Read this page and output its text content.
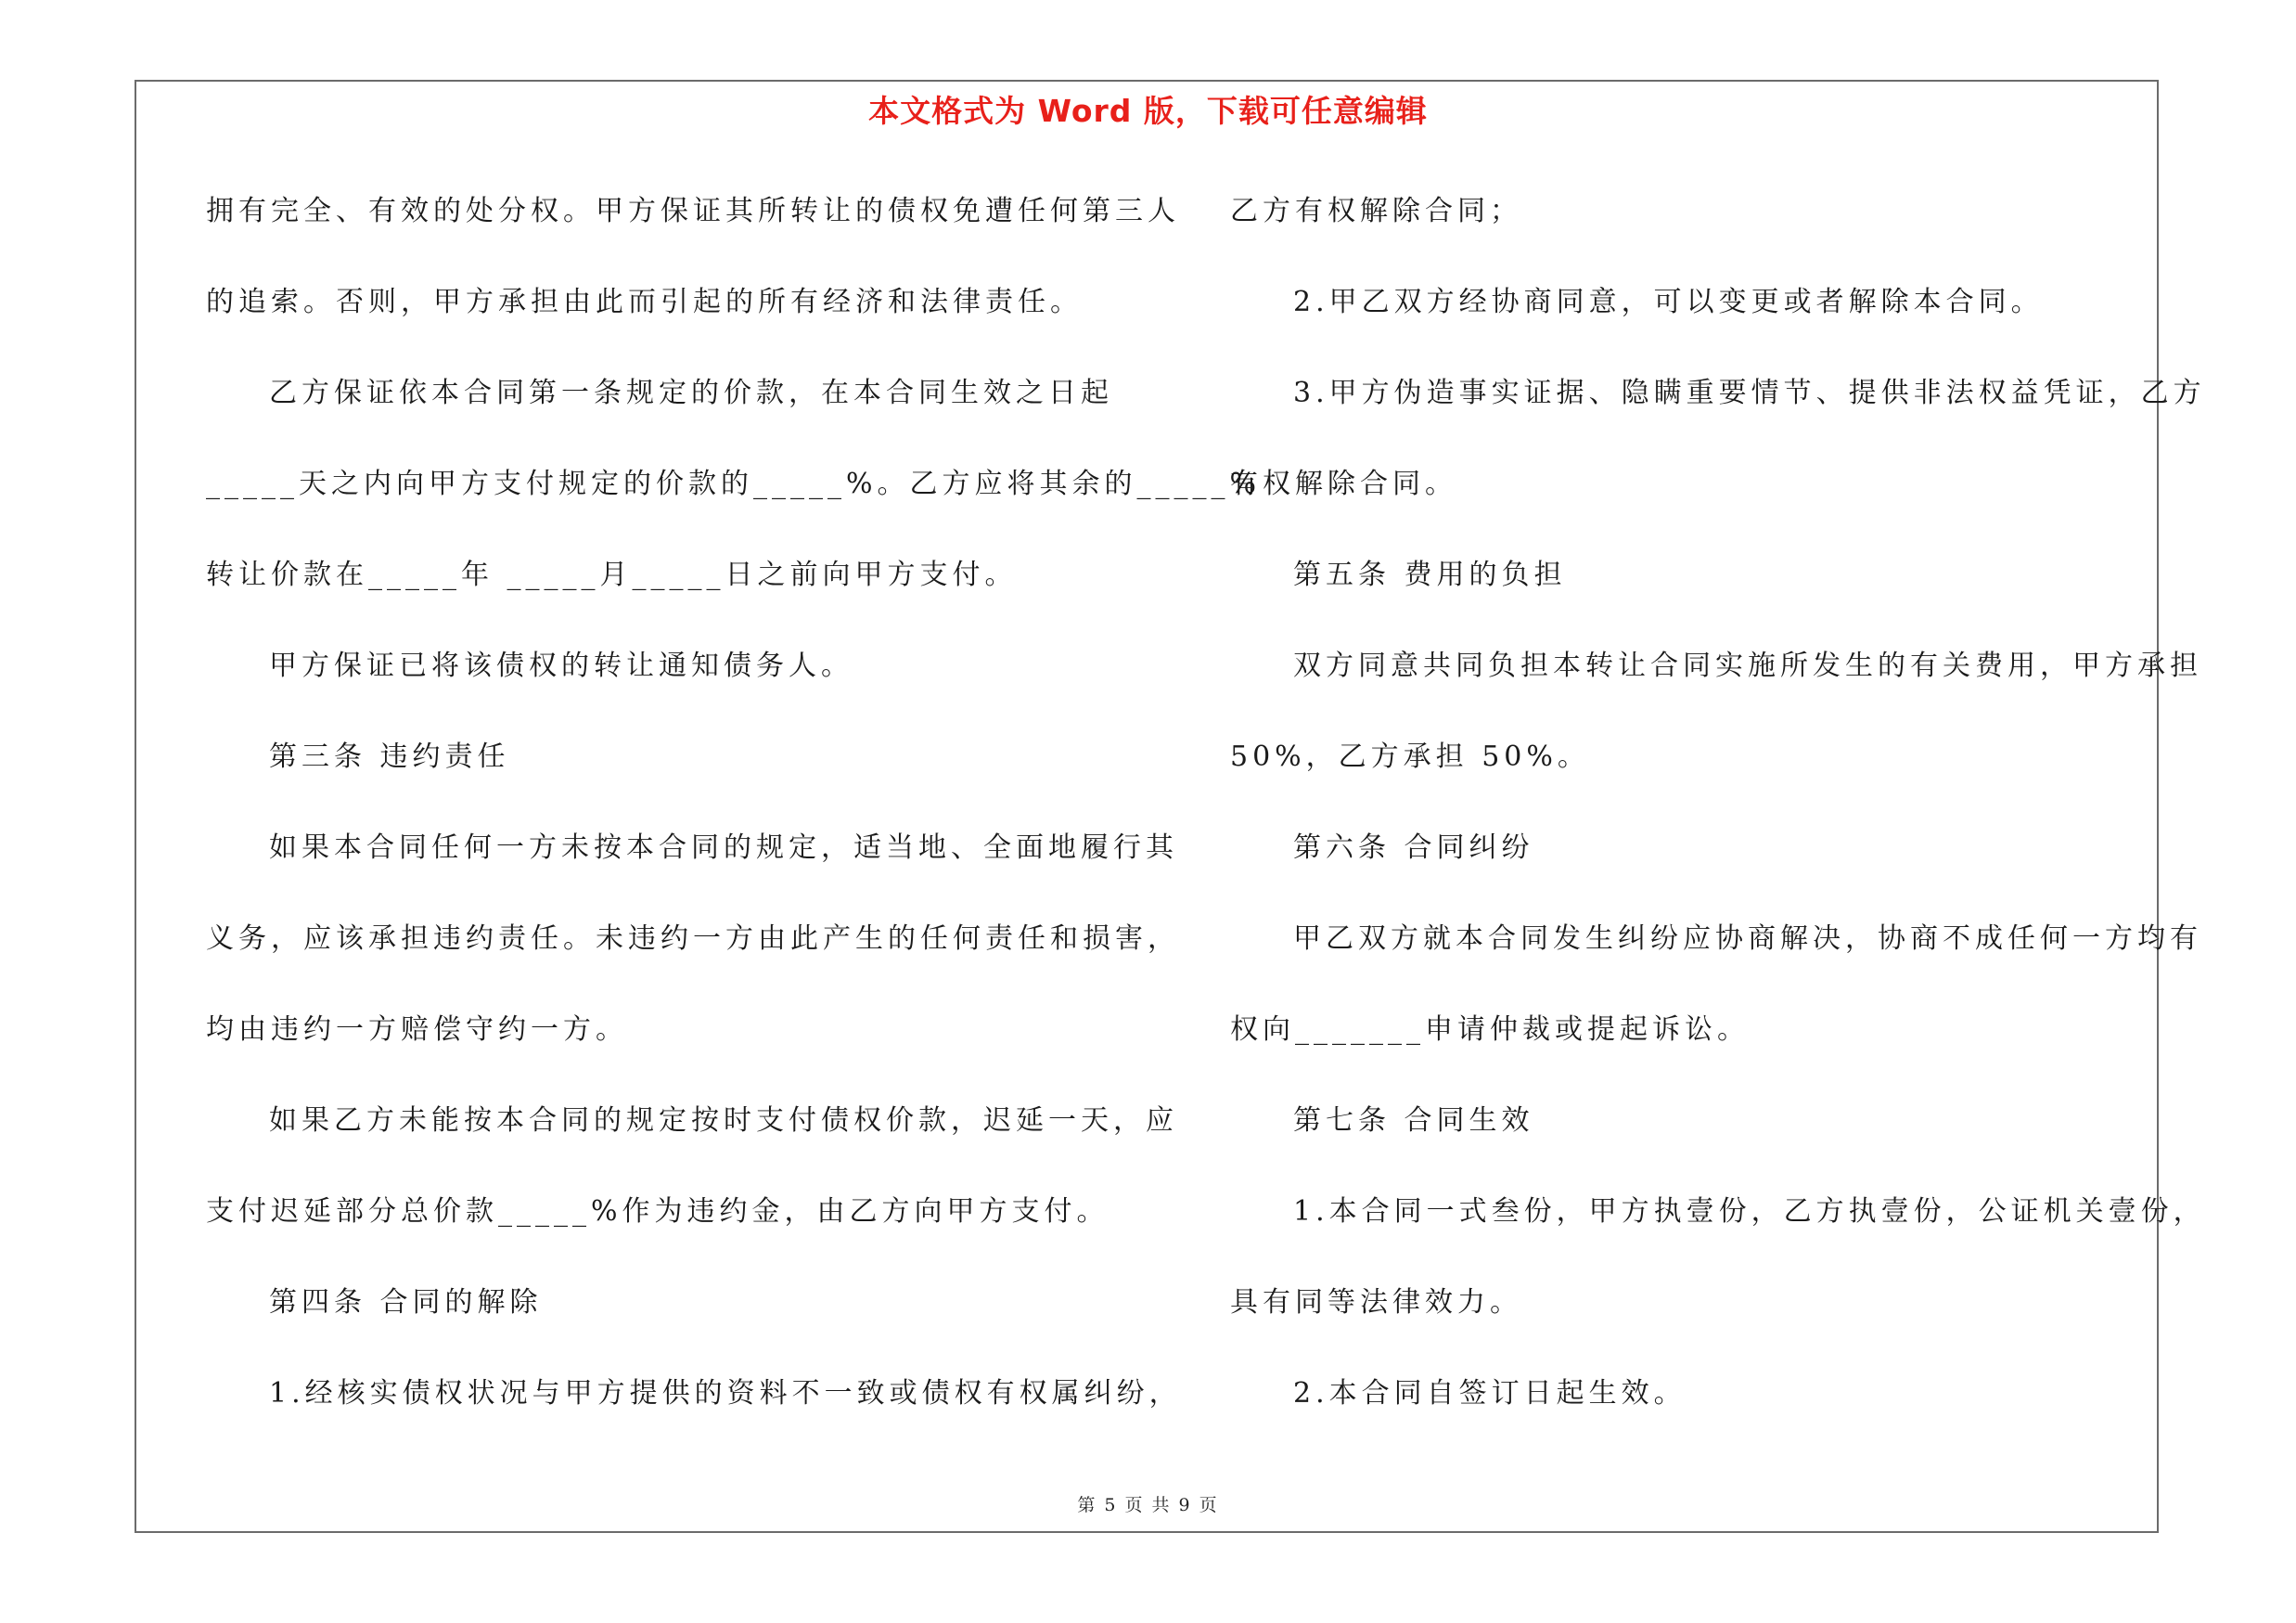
本文格式为 Word 版，下载可任意编辑
拥有完全、有效的处分权。甲方保证其所转让的债权免遭任何第三人
的追索。否则，甲方承担由此而引起的所有经济和法律责任。
乙方保证依本合同第一条规定的价款，在本合同生效之日起
_____天之内向甲方支付规定的价款的_____%。乙方应将其余的_____%
转让价款在_____年 _____月_____日之前向甲方支付。
甲方保证已将该债权的转让通知债务人。
第三条 违约责任
如果本合同任何一方未按本合同的规定，适当地、全面地履行其
义务，应该承担违约责任。未违约一方由此产生的任何责任和损害，
均由违约一方赔偿守约一方。
如果乙方未能按本合同的规定按时支付债权价款，迟延一天，应
支付迟延部分总价款_____%作为违约金，由乙方向甲方支付。
第四条 合同的解除
1.经核实债权状况与甲方提供的资料不一致或债权有权属纠纷，
乙方有权解除合同；
2.甲乙双方经协商同意，可以变更或者解除本合同。
3.甲方伪造事实证据、隐瞒重要情节、提供非法权益凭证，乙方
有权解除合同。
第五条 费用的负担
双方同意共同负担本转让合同实施所发生的有关费用，甲方承担
50%，乙方承担 50%。
第六条 合同纠纷
甲乙双方就本合同发生纠纷应协商解决，协商不成任何一方均有
权向_______申请仲裁或提起诉讼。
第七条 合同生效
1.本合同一式叁份，甲方执壹份，乙方执壹份，公证机关壹份，
具有同等法律效力。
2.本合同自签订日起生效。
第 5 页 共 9 页
